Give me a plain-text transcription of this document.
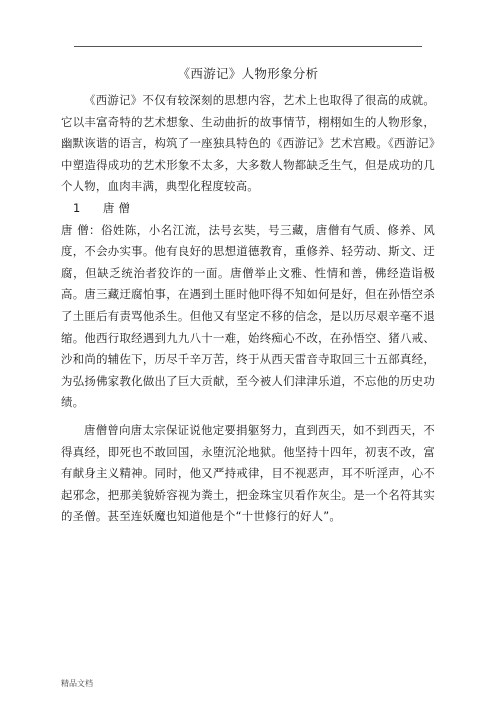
《西游记》人物形象分析

《西游记》不仅有较深刻的思想内容，艺术上也取得了很高的成就。它以丰富奇特的艺术想象、生动曲折的故事情节，栩栩如生的人物形象，幽默诙谐的语言，构筑了一座独具特色的《西游记》艺术宫殿。《西游记》中塑造得成功的艺术形象不太多，大多数人物都缺乏生气，但是成功的几个人物，血肉丰满，典型化程度较高。

1 唐 僧

唐 僧：俗姓陈，小名江流，法号玄奘，号三藏，唐僧有气质、修养、风度，不会办实事。他有良好的思想道德教育，重修养、轻劳动、斯文、迂腐，但缺乏统治者狡诈的一面。唐僧举止文雅、性情和善，佛经造诣极高。唐三藏迂腐怕事，在遇到土匪时他吓得不知如何是好，但在孙悟空杀了土匪后有责骂他杀生。但他又有坚定不移的信念，是以历尽艰辛毫不退缩。他西行取经遇到九九八十一难，始终痴心不改，在孙悟空、猪八戒、沙和尚的辅佐下，历尽千辛万苦，终于从西天雷音寺取回三十五部真经，为弘扬佛家教化做出了巨大贡献，至今被人们津津乐道，不忘他的历史功绩。

唐僧曾向唐太宗保证说他定要捐躯努力，直到西天，如不到西天，不得真经，即死也不敢回国，永堕沉沦地狱。他坚持十四年，初衷不改，富有献身主义精神。同时，他又严持戒律，目不视恶声，耳不听淫声，心不起邪念，把那美貌娇容视为粪土，把金珠宝贝看作灰尘。是一个名符其实的圣僧。甚至连妖魔也知道他是个“十世修行的好人”。

精品文档
